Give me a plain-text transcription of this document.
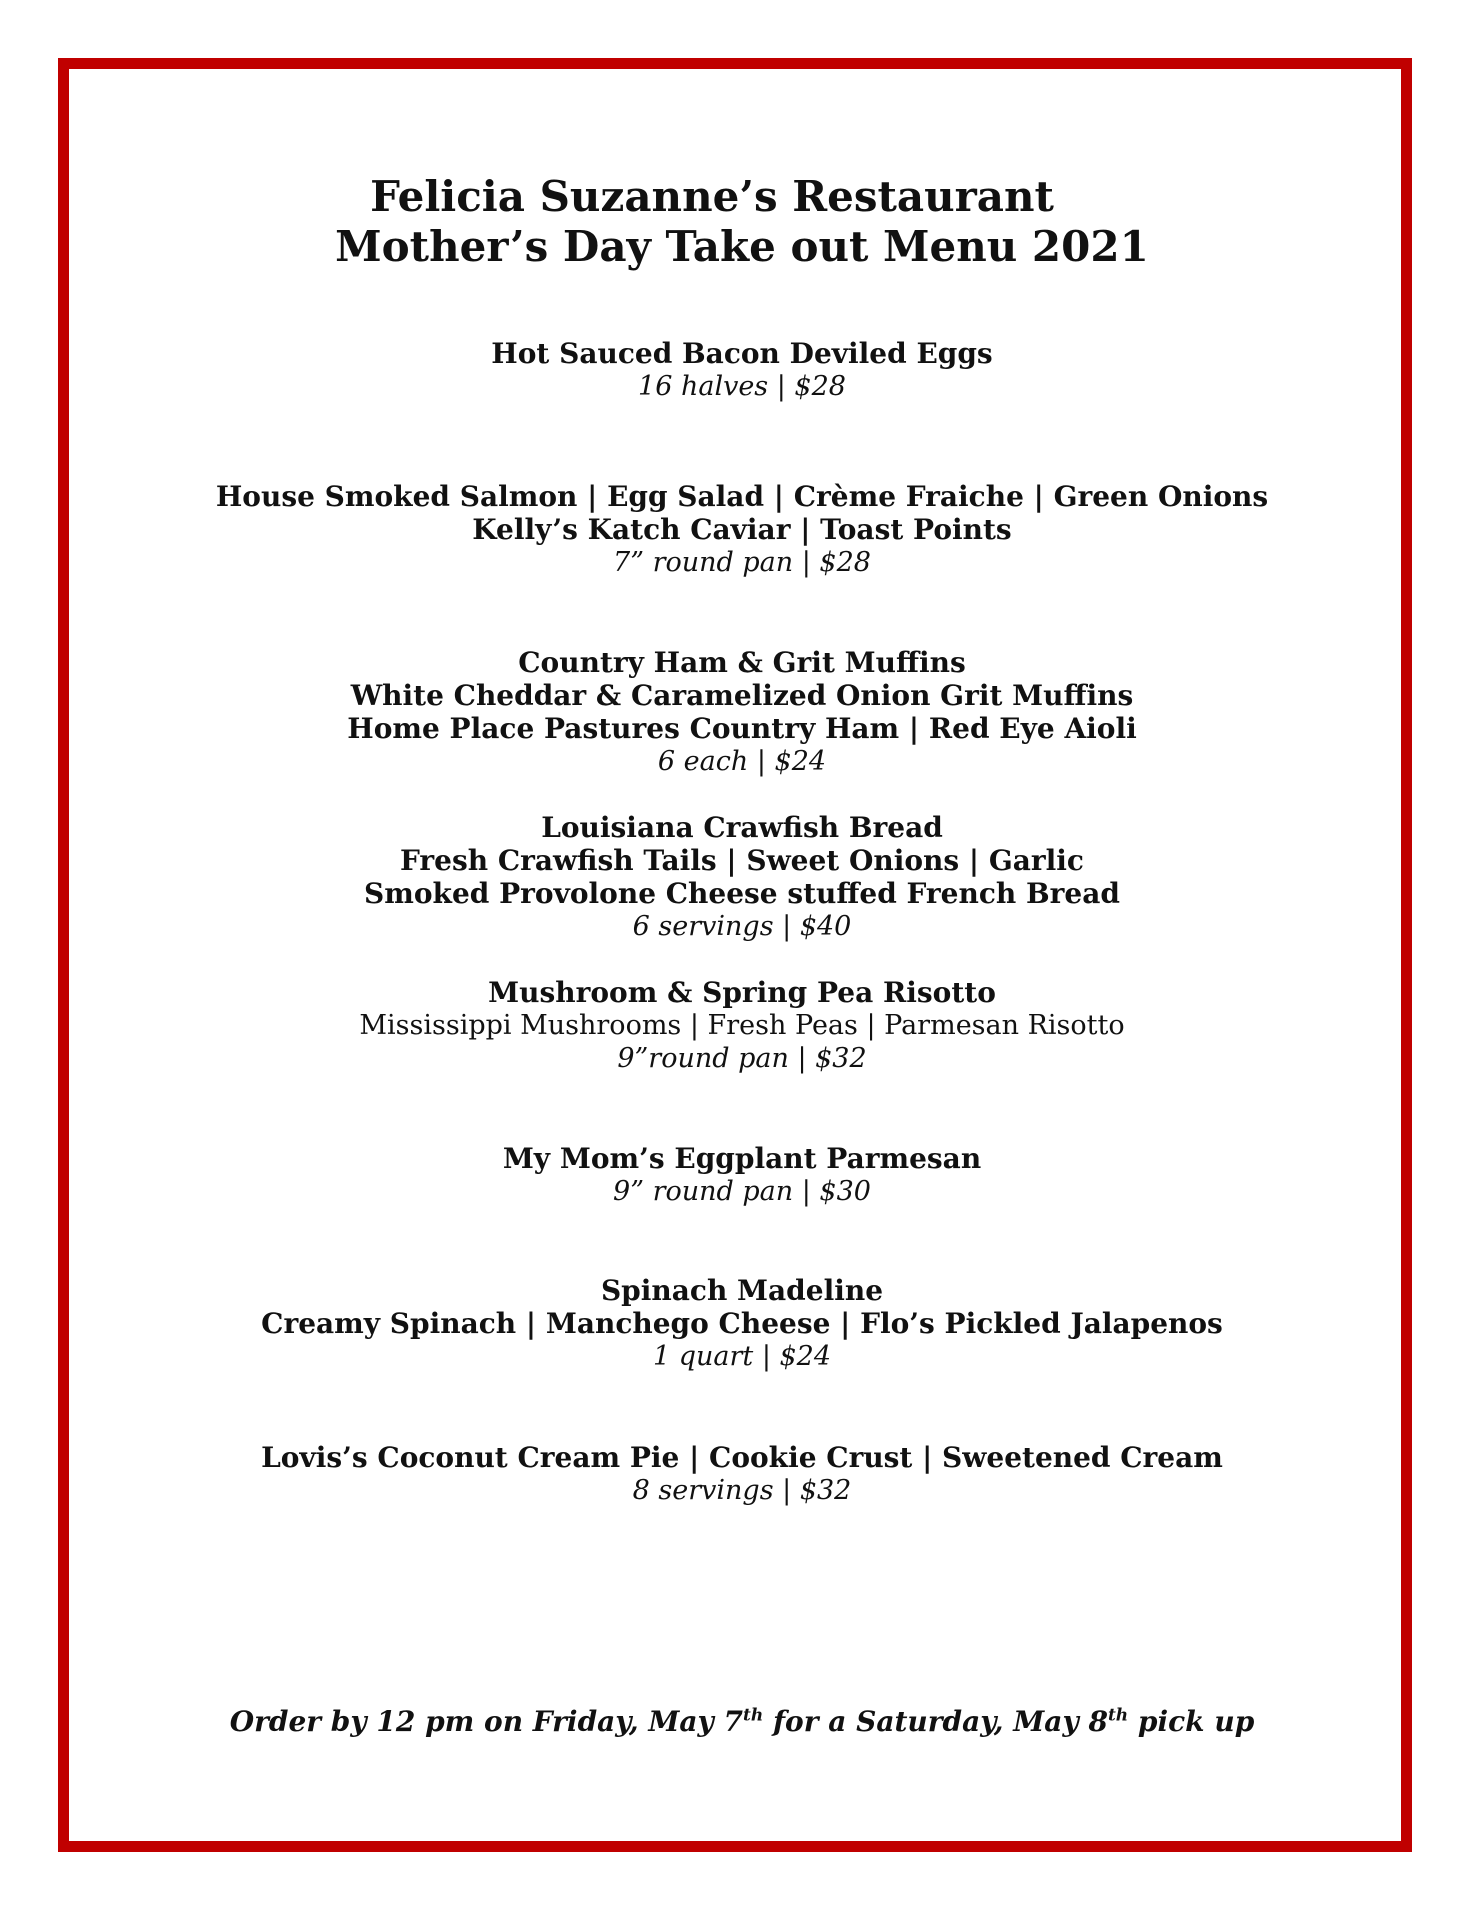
Felicia Suzanne’s Restaurant
Mother’s Day Take out Menu 2021
Hot Sauced Bacon Deviled Eggs
16 halves | $28
House Smoked Salmon | Egg Salad | Crème Fraiche | Green Onions
Kelly’s Katch Caviar | Toast Points
7” round pan | $28
Country Ham & Grit Muffins
White Cheddar & Caramelized Onion Grit Muffins
Home Place Pastures Country Ham | Red Eye Aioli
6 each | $24
Louisiana Crawfish Bread
Fresh Crawfish Tails | Sweet Onions | Garlic
Smoked Provolone Cheese stuffed French Bread
6 servings | $40
Mushroom & Spring Pea Risotto
Mississippi Mushrooms | Fresh Peas | Parmesan Risotto
9”round pan | $32
My Mom’s Eggplant Parmesan
9” round pan | $30
Spinach Madeline
Creamy Spinach | Manchego Cheese | Flo’s Pickled Jalapenos
1 quart | $24
Lovis’s Coconut Cream Pie | Cookie Crust | Sweetened Cream
8 servings | $32
Order by 12 pm on Friday, May 7th for a Saturday, May 8th pick up
